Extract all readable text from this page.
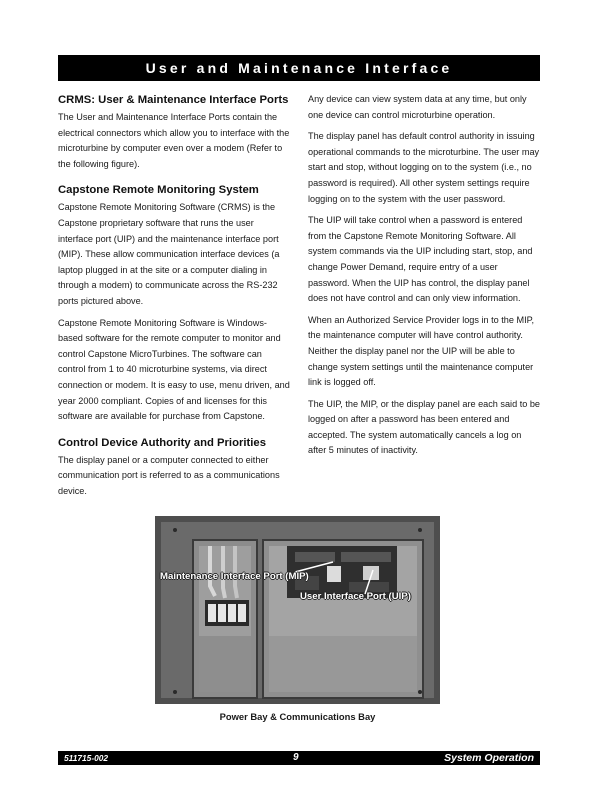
User and Maintenance Interface
CRMS: User & Maintenance Interface Ports

The User and Maintenance Interface Ports contain the electrical connectors which allow you to interface with the microturbine by computer even over a modem (Refer to the following figure).

Capstone Remote Monitoring System

Capstone Remote Monitoring Software (CRMS) is the Capstone proprietary software that runs the user interface port (UIP) and the maintenance interface port (MIP). These allow communication interface devices (a laptop plugged in at the site or a computer dialing in through a modem) to communicate across the RS-232 ports pictured above.

Capstone Remote Monitoring Software is Windows-based software for the remote computer to monitor and control Capstone MicroTurbines. The software can control from 1 to 40 microturbine systems, via direct connection or modem. It is easy to use, menu driven, and year 2000 compliant. Copies of and licenses for this software are available for purchase from Capstone.

Control Device Authority and Priorities

The display panel or a computer connected to either communication port is referred to as a communications device.

Any device can view system data at any time, but only one device can control microturbine operation.

The display panel has default control authority in issuing operational commands to the microturbine. The user may start and stop, without logging on to the system (i.e., no password is required). All other system settings require logging on to the system with the user password.

The UIP will take control when a password is entered from the Capstone Remote Monitoring Software. All system commands via the UIP including start, stop, and change Power Demand, require entry of a user password. When the UIP has control, the display panel does not have control and can only view information.

When an Authorized Service Provider logs in to the MIP, the maintenance computer will have control authority. Neither the display panel nor the UIP will be able to change system settings until the maintenance computer link is logged off.

The UIP, the MIP, or the display panel are each said to be logged on after a password has been entered and accepted. The system automatically cancels a log on after 5 minutes of inactivity.

Maintenance Interface Port (MIP)
User Interface Port (UIP)
Power Bay & Communications Bay
511715-002	9	System Operation
